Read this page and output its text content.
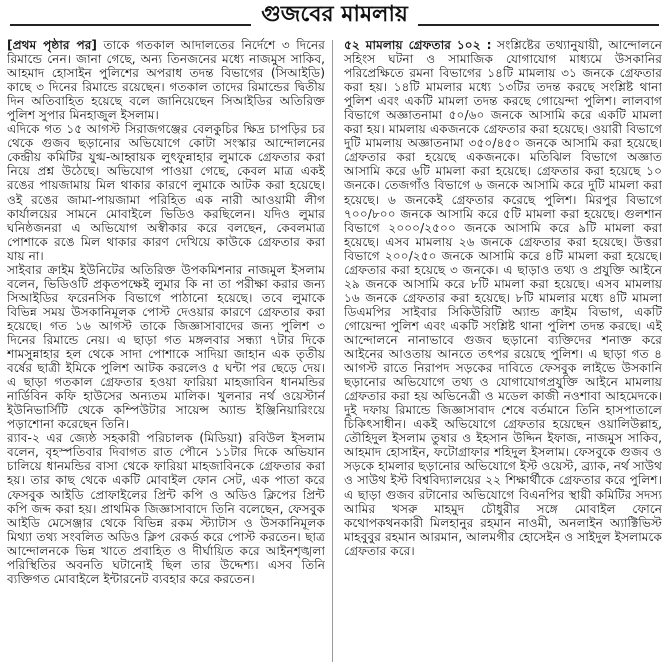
গুজবের মামলায়

[প্রথম পৃষ্ঠার পর] তাকে গতকাল আদালতের নির্দেশে ৩ দিনের রিমান্ডে নেন। জানা গেছে, অন্য তিনজনের মধ্যে নাজমুস সাকিব, আহমাদ হোসাইন পুলিশের অপরাধ তদন্ত বিভাগের (সিআইডি) কাছে ৩ দিনের রিমান্ডে রয়েছেন। গতকাল তাদের রিমান্ডের দ্বিতীয় দিন অতিবাহিত হয়েছে বলে জানিয়েছেন সিআইডির অতিরিক্ত পুলিশ সুপার মিনহাজুল ইসলাম।

এদিকে গত ১৫ আগস্ট সিরাজগঞ্জের বেলকুচির ক্ষিদ্র চাপড়ির চর থেকে গুজব ছড়ানোর অভিযোগে কোটা সংস্কার আন্দোলনের কেন্দ্রীয় কমিটির যুগ্ম-আহ্বায়ক লুৎফুন্নাহার লুমাকে গ্রেফতার করা নিয়ে প্রশ্ন উঠেছে। অভিযোগ পাওয়া গেছে, কেবল মাত্র একই রঙের পায়জামায় মিল থাকার কারণে লুমাকে আটক করা হয়েছে। ওই রঙের জামা-পায়জামা পরিহিত এক নারী আওয়ামী লীগ কার্যালয়ের সামনে মোবাইলে ভিডিও করছিলেন। যদিও লুমার ঘনিষ্ঠজনরা এ অভিযোগ অস্বীকার করে বলছেন, কেবলমাত্র পোশাকে রঙে মিল থাকার কারণ দেখিয়ে কাউকে গ্রেফতার করা যায় না।

সাইবার ক্রাইম ইউনিটের অতিরিক্ত উপকমিশনার নাজমুল ইসলাম বলেন, ভিডিওটি প্রকৃতপক্ষেই লুমার কি না তা পরীক্ষা করার জন্য সিআইডির ফরেনসিক বিভাগে পাঠানো হয়েছে। তবে লুমাকে বিভিন্ন সময় উসকানিমূলক পোস্ট দেওয়ার কারণে গ্রেফতার করা হয়েছে। গত ১৬ আগস্ট তাকে জিজ্ঞাসাবাদের জন্য পুলিশ ৩ দিনের রিমান্ডে নেয়। এ ছাড়া গত মঙ্গলবার সন্ধ্যা ৭টার দিকে শামসুন্নাহার হল থেকে সাদা পোশাকে সাদিয়া জাহান এক তৃতীয় বর্ষের ছাত্রী ইমিকে পুলিশ আটক করলেও ৫ ঘন্টা পর ছেড়ে দেয়। এ ছাড়া গতকাল গ্রেফতার হওয়া ফারিয়া মাহজাবিন ধানমন্ডির নার্ডিবিন কফি হাউসের অন্যতম মালিক। খুলনার নর্থ ওয়েস্টার্ন ইউনিভার্সিটি থেকে কম্পিউটার সায়েন্স অ্যান্ড ইঞ্জিনিয়ারিংয়ে পড়াশোনা করেছেন তিনি।

র‍্যাব-২ এর জ্যেষ্ঠ সহকারী পরিচালক (মিডিয়া) রবিউল ইসলাম বলেন, বৃহস্পতিবার দিবাগত রাত পৌনে ১১টার দিকে অভিযান চালিয়ে ধানমন্ডির বাসা থেকে ফারিয়া মাহজাবিনকে গ্রেফতার করা হয়। তার কাছ থেকে একটি মোবাইল ফোন সেট, এক পাতা করে ফেসবুক আইডি প্রোফাইলের প্রিন্ট কপি ও অডিও ক্লিপের প্রিন্ট কপি জব্দ করা হয়। প্রাথমিক জিজ্ঞাসাবাদে তিনি বলেছেন, ফেসবুক আইডি মেসেঞ্জার থেকে বিভিন্ন রকম স্ট্যাটাস ও উসকানিমূলক মিথ্যা তথ্য সংবলিত অডিও ক্লিপ রেকর্ড করে পোস্ট করতেন। ছাত্র আন্দোলনকে ভিন্ন খাতে প্রবাহিত ও দীর্ঘায়িত করে আইনশৃঙ্খলা পরিস্থিতির অবনতি ঘটানোই ছিল তার উদ্দেশ্য। এসব তিনি ব্যক্তিগত মোবাইলে ইন্টারনেট ব্যবহার করে করতেন।

৫২ মামলায় গ্রেফতার ১০২ : সংশ্লিষ্টের তথ্যানুযায়ী, আন্দোলনে সহিংস ঘটনা ও সামাজিক যোগাযোগ মাধ্যমে উসকানির পরিপ্রেক্ষিতে রমনা বিভাগের ১৪টি মামলায় ৩১ জনকে গ্রেফতার করা হয়। ১৪টি মামলার মধ্যে ১৩টির তদন্ত করছে সংশ্লিষ্ট থানা পুলিশ এবং একটি মামলা তদন্ত করছে গোয়েন্দা পুলিশ। লালবাগ বিভাগে অজ্ঞাতনামা ৫০/৬০ জনকে আসামি করে একটি মামলা করা হয়। মামলায় একজনকে গ্রেফতার করা হয়েছে। ওয়ারী বিভাগে দুটি মামলায় অজ্ঞাতনামা ৩৫০/৪৫০ জনকে আসামি করা হয়েছে। গ্রেফতার করা হয়েছে একজনকে। মতিঝিল বিভাগে অজ্ঞাত আসামি করে ৬টি মামলা করা হয়েছে। গ্রেফতার করা হয়েছে ১০ জনকে। তেজগাঁও বিভাগে ৬ জনকে আসামি করে দুটি মামলা করা হয়েছে। ৬ জনকেই গ্রেফতার করেছে পুলিশ। মিরপুর বিভাগে ৭০০/৮০০ জনকে আসামি করে ৫টি মামলা করা হয়েছে। গুলশান বিভাগে ২০০০/২৫০০ জনকে আসামি করে ৯টি মামলা করা হয়েছে। এসব মামলায় ২৬ জনকে গ্রেফতার করা হয়েছে। উত্তরা বিভাগে ২০০/২৫০ জনকে আসামি করে ৪টি মামলা করা হয়েছে। গ্রেফতার করা হয়েছে ৩ জনকে। এ ছাড়াও তথ্য ও প্রযুক্তি আইনে ২৯ জনকে আসামি করে ৮টি মামলা করা হয়েছে। এসব মামলায় ১৬ জনকে গ্রেফতার করা হয়েছে। ৮টি মামলার মধ্যে ৪টি মামলা ডিএমপির সাইবার সিকিউরিটি অ্যান্ড ক্রাইম বিভাগ, একটি গোয়েন্দা পুলিশ এবং একটি সংশ্লিষ্ট থানা পুলিশ তদন্ত করছে। এই আন্দোলনে নানাভাবে গুজব ছড়ানো ব্যক্তিদের শনাক্ত করে আইনের আওতায় আনতে তৎপর রয়েছে পুলিশ। এ ছাড়া গত ৪ আগস্ট রাতে নিরাপদ সড়কের দাবিতে ফেসবুক লাইভে উসকানি ছড়ানোর অভিযোগে তথ্য ও যোগাযোগপ্রযুক্তি আইনে মামলায় গ্রেফতার করা হয় অভিনেত্রী ও মডেল কাজী নওশাবা আহমেদকে। দুই দফায় রিমান্ডে জিজ্ঞাসাবাদ শেষে বর্তমানে তিনি হাসপাতালে চিকিৎসাধীন। একই অভিযোগে গ্রেফতার হয়েছেন ওয়ালিউল্লাহ, তৌহিদুল ইসলাম তুষার ও ইহসান উদ্দিন ইফাজ, নাজমুস সাকিব, আহমাদ হোসাইন, ফটোগ্রাফার শহিদুল ইসলাম। ফেসবুকে গুজব ও সড়কে হামলার ছড়ানোর অভিযোগে ইস্ট ওয়েস্ট, ব্র্যাক, নর্থ সাউথ ও সাউথ ইস্ট বিশ্ববিদ্যালয়ের ২২ শিক্ষার্থীকে গ্রেফতার করে পুলিশ। এ ছাড়া গুজব রটানোর অভিযোগে বিএনপির স্থায়ী কমিটির সদস্য আমির খসরু মাহমুদ চৌধুরীর সঙ্গে মোবাইল ফোনে কথোপকথনকারী মিলহানুর রহমান নাওমী, অনলাইন অ্যাক্টিভিস্ট মাহবুবুর রহমান আরমান, আলমগীর হোসেইন ও সাইদুল ইসলামকে গ্রেফতার করে।
